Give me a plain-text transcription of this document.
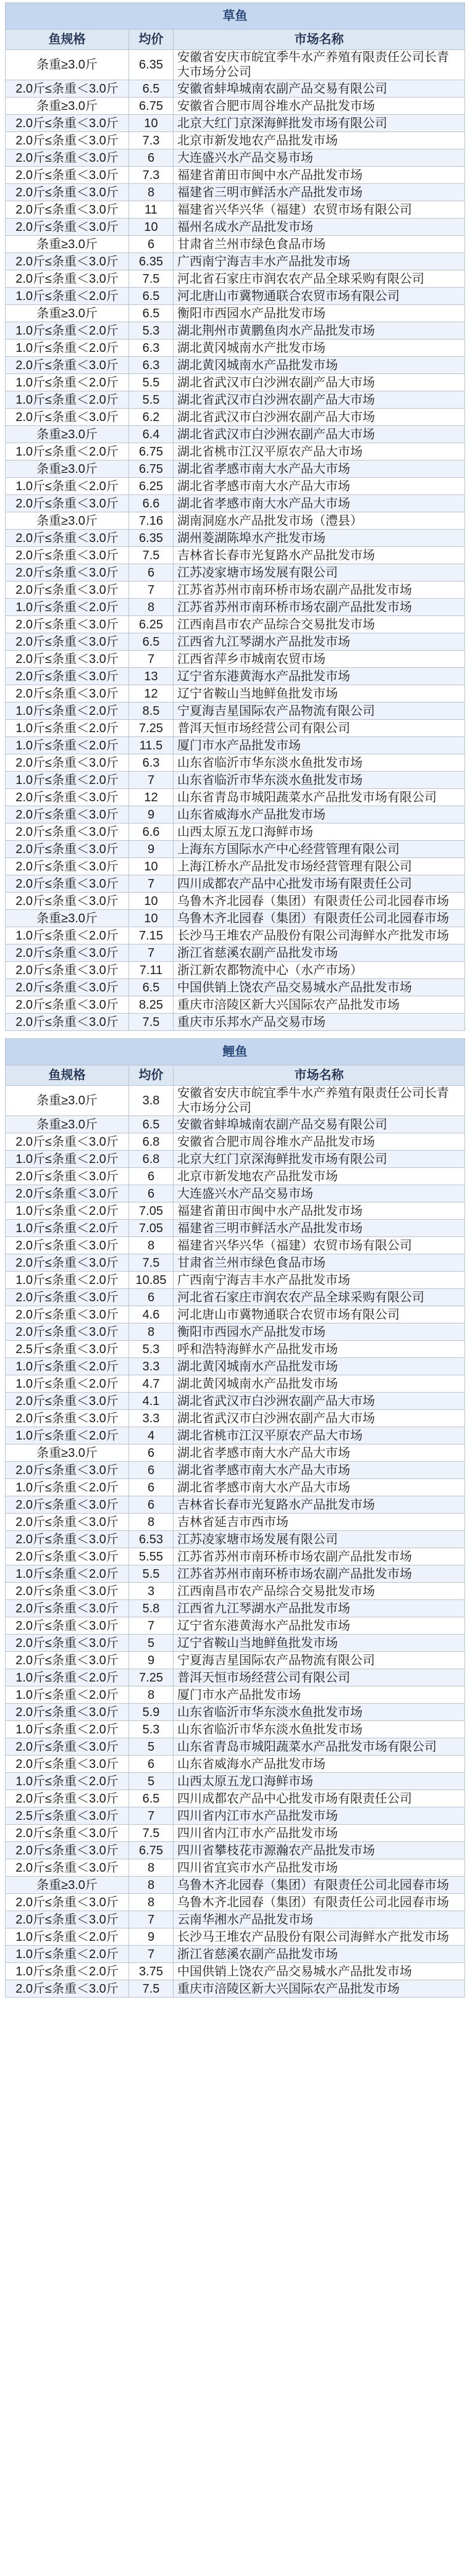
草鱼		
鱼规格	均价	市场名称
条重≥3.0斤	6.35	安徽省安庆市皖宜季牛水产养殖有限责任公司长青大市场分公司
2.0斤≤条重＜3.0斤	6.5	安徽省蚌埠城南农副产品交易有限公司
条重≥3.0斤	6.75	安徽省合肥市周谷堆水产品批发市场
2.0斤≤条重＜3.0斤	10	北京大红门京深海鲜批发市场有限公司
2.0斤≤条重＜3.0斤	7.3	北京市新发地农产品批发市场
2.0斤≤条重＜3.0斤	6	大连盛兴水产品交易市场
2.0斤≤条重＜3.0斤	7.3	福建省莆田市闽中水产品批发市场
2.0斤≤条重＜3.0斤	8	福建省三明市鲜活水产品批发市场
2.0斤≤条重＜3.0斤	11	福建省兴华兴华（福建）农贸市场有限公司
2.0斤≤条重＜3.0斤	10	福州名成水产品批发市场
条重≥3.0斤	6	甘肃省兰州市绿色食品市场
2.0斤≤条重＜3.0斤	6.35	广西南宁海吉丰水产品批发市场
2.0斤≤条重＜3.0斤	7.5	河北省石家庄市润农农产品全球采购有限公司
1.0斤≤条重＜2.0斤	6.5	河北唐山市冀物通联合农贸市场有限公司
条重≥3.0斤	6.5	衡阳市西园水产品批发市场
1.0斤≤条重＜2.0斤	5.3	湖北荆州市黄鹏鱼肉水产品批发市场
1.0斤≤条重＜2.0斤	6.3	湖北黄冈城南水产批发市场
2.0斤≤条重＜3.0斤	6.3	湖北黄冈城南水产品批发市场
1.0斤≤条重＜2.0斤	5.5	湖北省武汉市白沙洲农副产品大市场
1.0斤≤条重＜2.0斤	5.5	湖北省武汉市白沙洲农副产品大市场
2.0斤≤条重＜3.0斤	6.2	湖北省武汉市白沙洲农副产品大市场
条重≥3.0斤	6.4	湖北省武汉市白沙洲农副产品大市场
1.0斤≤条重＜2.0斤	6.75	湖北省桃市江汉平原农产品大市场
条重≥3.0斤	6.75	湖北省孝感市南大水产品大市场
1.0斤≤条重＜2.0斤	6.25	湖北省孝感市南大水产品大市场
2.0斤≤条重＜3.0斤	6.6	湖北省孝感市南大水产品大市场
条重≥3.0斤	7.16	湖南洞庭水产品批发市场（澧县）
2.0斤≤条重＜3.0斤	6.35	湖州菱湖陈埠水产批发市场
2.0斤≤条重＜3.0斤	7.5	吉林省长春市光复路水产品批发市场
2.0斤≤条重＜3.0斤	6	江苏凌家塘市场发展有限公司
2.0斤≤条重＜3.0斤	7	江苏省苏州市南环桥市场农副产品批发市场
1.0斤≤条重＜2.0斤	8	江苏省苏州市南环桥市场农副产品批发市场
2.0斤≤条重＜3.0斤	6.25	江西南昌市农产品综合交易批发市场
2.0斤≤条重＜3.0斤	6.5	江西省九江琴湖水产品批发市场
2.0斤≤条重＜3.0斤	7	江西省萍乡市城南农贸市场
2.0斤≤条重＜3.0斤	13	辽宁省东港黄海水产品批发市场
2.0斤≤条重＜3.0斤	12	辽宁省鞍山当地鲜鱼批发市场
1.0斤≤条重＜2.0斤	8.5	宁夏海吉星国际农产品物流有限公司
1.0斤≤条重＜2.0斤	7.25	普洱天恒市场经营公司有限公司
1.0斤≤条重＜2.0斤	11.5	厦门市水产品批发市场
2.0斤≤条重＜3.0斤	6.3	山东省临沂市华东淡水鱼批发市场
1.0斤≤条重＜2.0斤	7	山东省临沂市华东淡水鱼批发市场
2.0斤≤条重＜3.0斤	12	山东省青岛市城阳蔬菜水产品批发市场有限公司
2.0斤≤条重＜3.0斤	9	山东省威海水产品批发市场
2.0斤≤条重＜3.0斤	6.6	山西太原五龙口海鲜市场
2.0斤≤条重＜3.0斤	9	上海东方国际水产中心经营管理有限公司
2.0斤≤条重＜3.0斤	10	上海江桥水产品批发市场经营管理有限公司
2.0斤≤条重＜3.0斤	7	四川成都农产品中心批发市场有限责任公司
2.0斤≤条重＜3.0斤	10	乌鲁木齐北园春（集团）有限责任公司北园春市场
条重≥3.0斤	10	乌鲁木齐北园春（集团）有限责任公司北园春市场
1.0斤≤条重＜2.0斤	7.15	长沙马王堆农产品股份有限公司海鲜水产批发市场
2.0斤≤条重＜3.0斤	7	浙江省慈溪农副产品批发市场
2.0斤≤条重＜3.0斤	7.11	浙江新农都物流中心（水产市场）
2.0斤≤条重＜3.0斤	6.5	中国供销上饶农产品交易城水产品批发市场
2.0斤≤条重＜3.0斤	8.25	重庆市涪陵区新大兴国际农产品批发市场
2.0斤≤条重＜3.0斤	7.5	重庆市乐邦水产品交易市场
鲤鱼		
鱼规格	均价	市场名称
条重≥3.0斤	3.8	安徽省安庆市皖宜季牛水产养殖有限责任公司长青大市场分公司
条重≥3.0斤	6.5	安徽省蚌埠城南农副产品交易有限公司
2.0斤≤条重＜3.0斤	6.8	安徽省合肥市周谷堆水产品批发市场
1.0斤≤条重＜2.0斤	6.8	北京大红门京深海鲜批发市场有限公司
2.0斤≤条重＜3.0斤	6	北京市新发地农产品批发市场
2.0斤≤条重＜3.0斤	6	大连盛兴水产品交易市场
1.0斤≤条重＜2.0斤	7.05	福建省莆田市闽中水产品批发市场
1.0斤≤条重＜2.0斤	7.05	福建省三明市鲜活水产品批发市场
2.0斤≤条重＜3.0斤	8	福建省兴华兴华（福建）农贸市场有限公司
2.0斤≤条重＜3.0斤	7.5	甘肃省兰州市绿色食品市场
1.0斤≤条重＜2.0斤	10.85	广西南宁海吉丰水产品批发市场
2.0斤≤条重＜3.0斤	6	河北省石家庄市润农农产品全球采购有限公司
2.0斤≤条重＜3.0斤	4.6	河北唐山市冀物通联合农贸市场有限公司
2.0斤≤条重＜3.0斤	8	衡阳市西园水产品批发市场
2.5斤≤条重＜3.0斤	5.3	呼和浩特海鲜水产品批发市场
1.0斤≤条重＜2.0斤	3.3	湖北黄冈城南水产品批发市场
1.0斤≤条重＜2.0斤	4.7	湖北黄冈城南水产品批发市场
2.0斤≤条重＜3.0斤	4.1	湖北省武汉市白沙洲农副产品大市场
2.0斤≤条重＜3.0斤	3.3	湖北省武汉市白沙洲农副产品大市场
1.0斤≤条重＜2.0斤	4	湖北省桃市江汉平原农产品大市场
条重≥3.0斤	6	湖北省孝感市南大水产品大市场
2.0斤≤条重＜3.0斤	6	湖北省孝感市南大水产品大市场
1.0斤≤条重＜2.0斤	6	湖北省孝感市南大水产品大市场
2.0斤≤条重＜3.0斤	6	吉林省长春市光复路水产品批发市场
2.0斤≤条重＜3.0斤	8	吉林省延吉市西市场
2.0斤≤条重＜3.0斤	6.53	江苏凌家塘市场发展有限公司
2.0斤≤条重＜3.0斤	5.55	江苏省苏州市南环桥市场农副产品批发市场
1.0斤≤条重＜2.0斤	5.5	江苏省苏州市南环桥市场农副产品批发市场
2.0斤≤条重＜3.0斤	3	江西南昌市农产品综合交易批发市场
2.0斤≤条重＜3.0斤	5.8	江西省九江琴湖水产品批发市场
2.0斤≤条重＜3.0斤	7	辽宁省东港黄海水产品批发市场
2.0斤≤条重＜3.0斤	5	辽宁省鞍山当地鲜鱼批发市场
2.0斤≤条重＜3.0斤	9	宁夏海吉星国际农产品物流有限公司
1.0斤≤条重＜2.0斤	7.25	普洱天恒市场经营公司有限公司
1.0斤≤条重＜2.0斤	8	厦门市水产品批发市场
2.0斤≤条重＜3.0斤	5.9	山东省临沂市华东淡水鱼批发市场
1.0斤≤条重＜2.0斤	5.3	山东省临沂市华东淡水鱼批发市场
2.0斤≤条重＜3.0斤	5	山东省青岛市城阳蔬菜水产品批发市场有限公司
2.0斤≤条重＜3.0斤	6	山东省威海水产品批发市场
1.0斤≤条重＜2.0斤	5	山西太原五龙口海鲜市场
2.0斤≤条重＜3.0斤	6.5	四川成都农产品中心批发市场有限责任公司
2.5斤≤条重＜3.0斤	7	四川省内江市水产品批发市场
2.0斤≤条重＜3.0斤	7.5	四川省内江市水产品批发市场
2.0斤≤条重＜3.0斤	6.75	四川省攀枝花市源瀚农产品批发市场
2.0斤≤条重＜3.0斤	8	四川省宜宾市水产品批发市场
条重≥3.0斤	8	乌鲁木齐北园春（集团）有限责任公司北园春市场
2.0斤≤条重＜3.0斤	8	乌鲁木齐北园春（集团）有限责任公司北园春市场
2.0斤≤条重＜3.0斤	7	云南华湘水产品批发市场
1.0斤≤条重＜2.0斤	9	长沙马王堆农产品股份有限公司海鲜水产批发市场
1.0斤≤条重＜2.0斤	7	浙江省慈溪农副产品批发市场
1.0斤≤条重＜2.0斤	3.75	中国供销上饶农产品交易城水产品批发市场
2.0斤≤条重＜3.0斤	7.5	重庆市涪陵区新大兴国际农产品批发市场
